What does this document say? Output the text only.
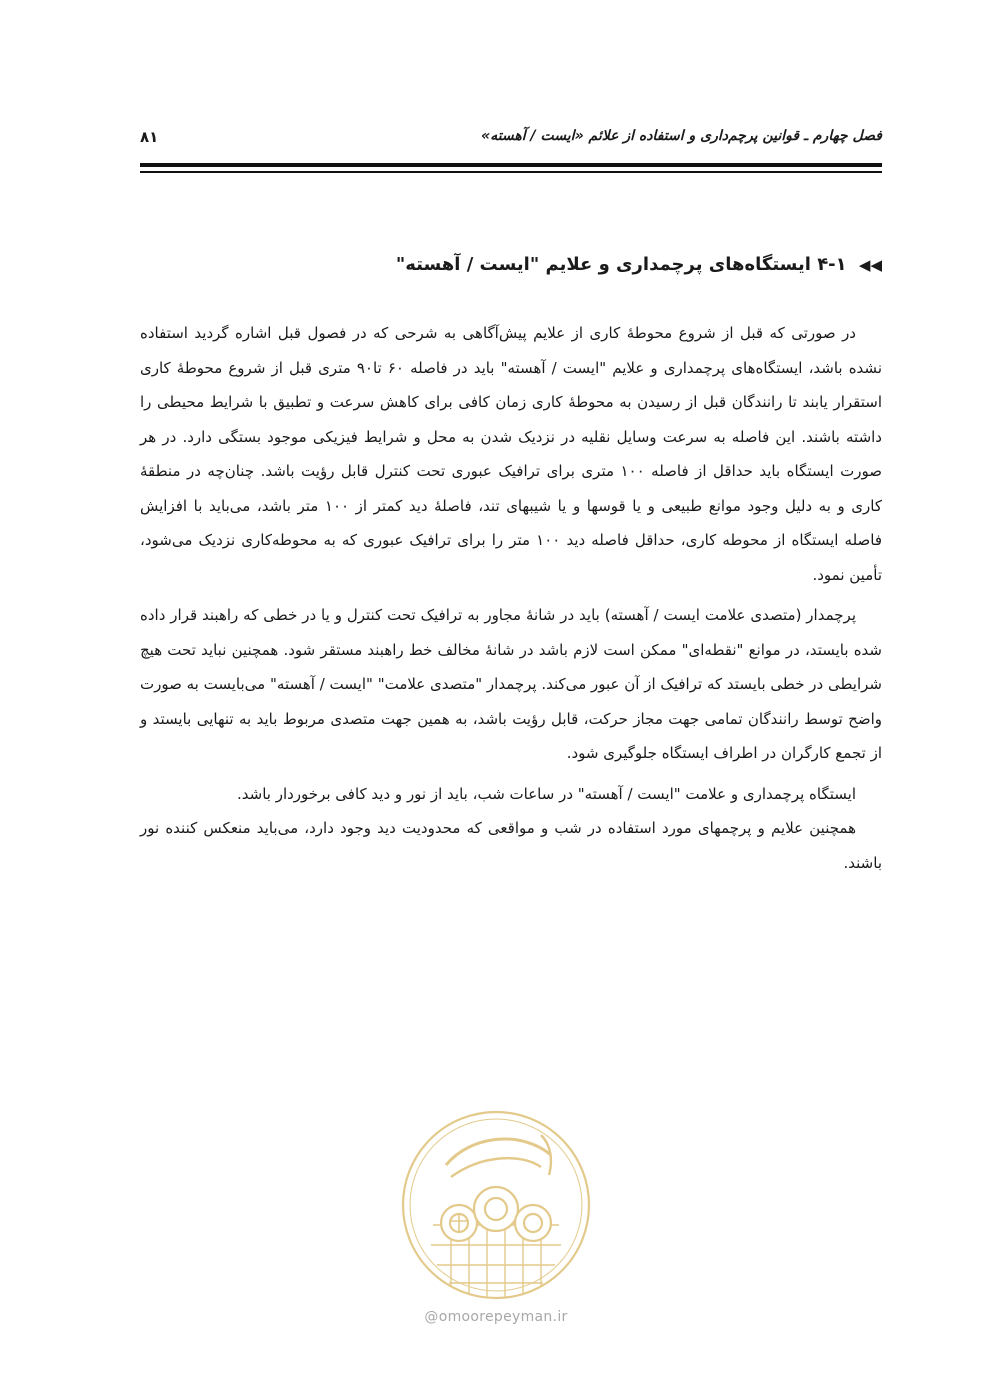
فصل چهارم ـ قوانین پرچم‌داری و استفاده از علائم «ایست / آهسته»
۸۱
◀◀ ۴-۱ ایستگاه‌های پرچمداری و علایم "ایست / آهسته"

در صورتی که قبل از شروع محوطهٔ کاری از علایم پیش‌آگاهی به شرحی که در فصول قبل اشاره گردید استفاده نشده باشد، ایستگاه‌های پرچمداری و علایم "ایست / آهسته" باید در فاصله ۶۰ تا۹۰ متری قبل از شروع محوطهٔ کاری استقرار یابند تا رانندگان قبل از رسیدن به محوطهٔ کاری زمان کافی برای کاهش سرعت و تطبیق با شرایط محیطی را داشته باشند. این فاصله به سرعت وسایل نقلیه در نزدیک شدن به محل و شرایط فیزیکی موجود بستگی دارد. در هر صورت ایستگاه باید حداقل از فاصله ۱۰۰ متری برای ترافیک عبوری تحت کنترل قابل رؤیت باشد. چنان‌چه در منطقهٔ کاری و به دلیل وجود موانع طبیعی و یا قوسها و یا شیبهای تند، فاصلهٔ دید کمتر از ۱۰۰ متر باشد، می‌باید با افزایش فاصله ایستگاه از محوطه کاری، حداقل فاصله دید ۱۰۰ متر را برای ترافیک عبوری که به محوطه‌کاری نزدیک می‌شود، تأمین نمود.

پرچمدار (متصدی علامت ایست / آهسته) باید در شانهٔ مجاور به ترافیک تحت کنترل و یا در خطی که راهبند قرار داده شده بایستد، در موانع "نقطه‌ای" ممکن است لازم باشد در شانهٔ مخالف خط راهبند مستقر شود. همچنین نباید تحت هیچ شرایطی در خطی بایستد که ترافیک از آن عبور می‌کند. پرچمدار "متصدی علامت" "ایست / آهسته" می‌بایست به صورت واضح توسط رانندگان تمامی جهت مجاز حرکت، قابل رؤیت باشد، به همین جهت متصدی مربوط باید به تنهایی بایستد و از تجمع کارگران در اطراف ایستگاه جلوگیری شود.

ایستگاه پرچمداری و علامت "ایست / آهسته" در ساعات شب، باید از نور و دید کافی برخوردار باشد.

همچنین علایم و پرچمهای مورد استفاده در شب و مواقعی که محدودیت دید وجود دارد، می‌باید منعکس کننده نور باشند.

@omoorepeyman.ir
